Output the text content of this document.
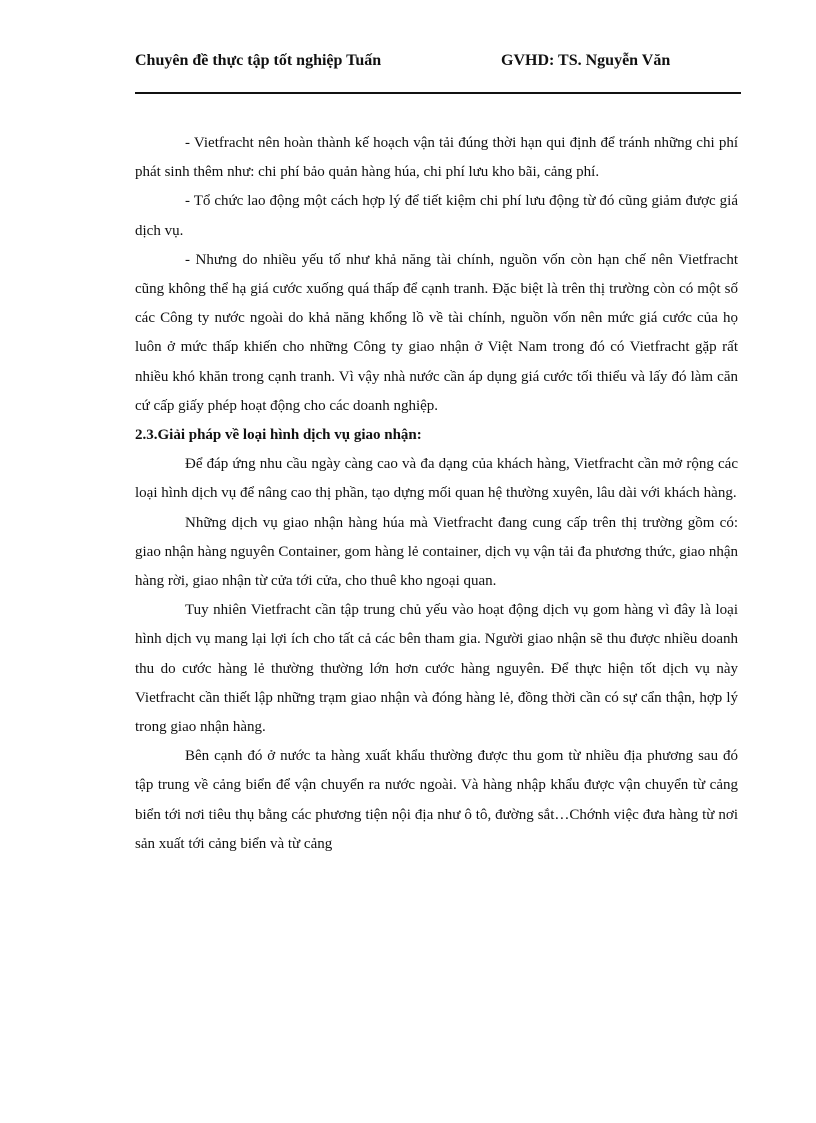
Chuyên đề thực tập tốt nghiệp Tuấn	GVHD: TS. Nguyễn Văn

- Vietfracht nên hoàn thành kế hoạch vận tải đúng thời hạn qui định để tránh những chi phí phát sinh thêm như: chi phí bảo quản hàng húa, chi phí lưu kho bãi, cảng phí.

- Tổ chức lao động một cách hợp lý để tiết kiệm chi phí lưu động từ đó cũng giảm được giá dịch vụ.

- Nhưng do nhiều yếu tố như khả năng tài chính, nguồn vốn còn hạn chế nên Vietfracht cũng không thể hạ giá cước xuống quá thấp để cạnh tranh. Đặc biệt là trên thị trường còn có một số các Công ty nước ngoài do khả năng khổng lồ về tài chính, nguồn vốn nên mức giá cước của họ luôn ở mức thấp khiến cho những Công ty giao nhận ở Việt Nam trong đó có Vietfracht gặp rất nhiều khó khăn trong cạnh tranh. Vì vậy nhà nước cần áp dụng giá cước tối thiểu và lấy đó làm căn cứ cấp giấy phép hoạt động cho các doanh nghiệp.

2.3.Giải pháp về loại hình dịch vụ giao nhận:

Để đáp ứng nhu cầu ngày càng cao và đa dạng của khách hàng, Vietfracht cần mở rộng các loại hình dịch vụ để nâng cao thị phần, tạo dựng mối quan hệ thường xuyên, lâu dài với khách hàng.

Những dịch vụ giao nhận hàng húa mà Vietfracht đang cung cấp trên thị trường gồm có: giao nhận hàng nguyên Container, gom hàng lẻ container, dịch vụ vận tải đa phương thức, giao nhận hàng rời, giao nhận từ cửa tới cửa, cho thuê kho ngoại quan.

Tuy nhiên Vietfracht cần tập trung chủ yếu vào hoạt động dịch vụ gom hàng vì đây là loại hình dịch vụ mang lại lợi ích cho tất cả các bên tham gia. Người giao nhận sẽ thu được nhiều doanh thu do cước hàng lẻ thường thường lớn hơn cước hàng nguyên. Để thực hiện tốt dịch vụ này Vietfracht cần thiết lập những trạm giao nhận và đóng hàng lẻ, đồng thời cần có sự cẩn thận, hợp lý trong giao nhận hàng.

Bên cạnh đó ở nước ta hàng xuất khẩu thường được thu gom từ nhiều địa phương sau đó tập trung về cảng biển để vận chuyển ra nước ngoài. Và hàng nhập khẩu được vận chuyển từ cảng biển tới nơi tiêu thụ bằng các phương tiện nội địa như ô tô, đường sắt…Chớnh việc đưa hàng từ nơi sản xuất tới cảng biển và từ cảng
